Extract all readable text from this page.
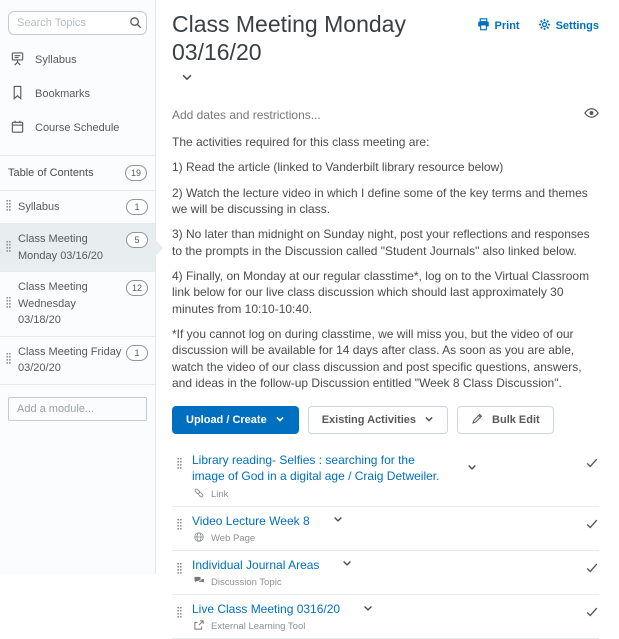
Search Topics
Syllabus
Bookmarks
Course Schedule
Table of Contents	19
Syllabus	1
Class Meeting
Monday 03/16/20
5
Class Meeting
Wednesday
03/18/20
12
Class Meeting Friday
03/20/20
1
Add a module...
Class Meeting Monday 03/16/20
Print	Settings
Add dates and restrictions...

The activities required for this class meeting are:

1) Read the article (linked to Vanderbilt library resource below)

2) Watch the lecture video in which I define some of the key terms and themes we will be discussing in class.

3) No later than midnight on Sunday night, post your reflections and responses to the prompts in the Discussion called "Student Journals" also linked below.

4) Finally, on Monday at our regular classtime*, log on to the Virtual Classroom link below for our live class discussion which should last approximately 30 minutes from 10:10-10:40.

*If you cannot log on during classtime, we will miss you, but the video of our discussion will be available for 14 days after class. As soon as you are able, watch the video of our class discussion and post specific questions, answers, and ideas in the follow-up Discussion entitled "Week 8 Class Discussion".

Upload / Create	Existing Activities	Bulk Edit
Library reading- Selfies : searching for the image of God in a digital age / Craig Detweiler.
Link
Video Lecture Week 8
Web Page
Individual Journal Areas
Discussion Topic
Live Class Meeting 0316/20
External Learning Tool
